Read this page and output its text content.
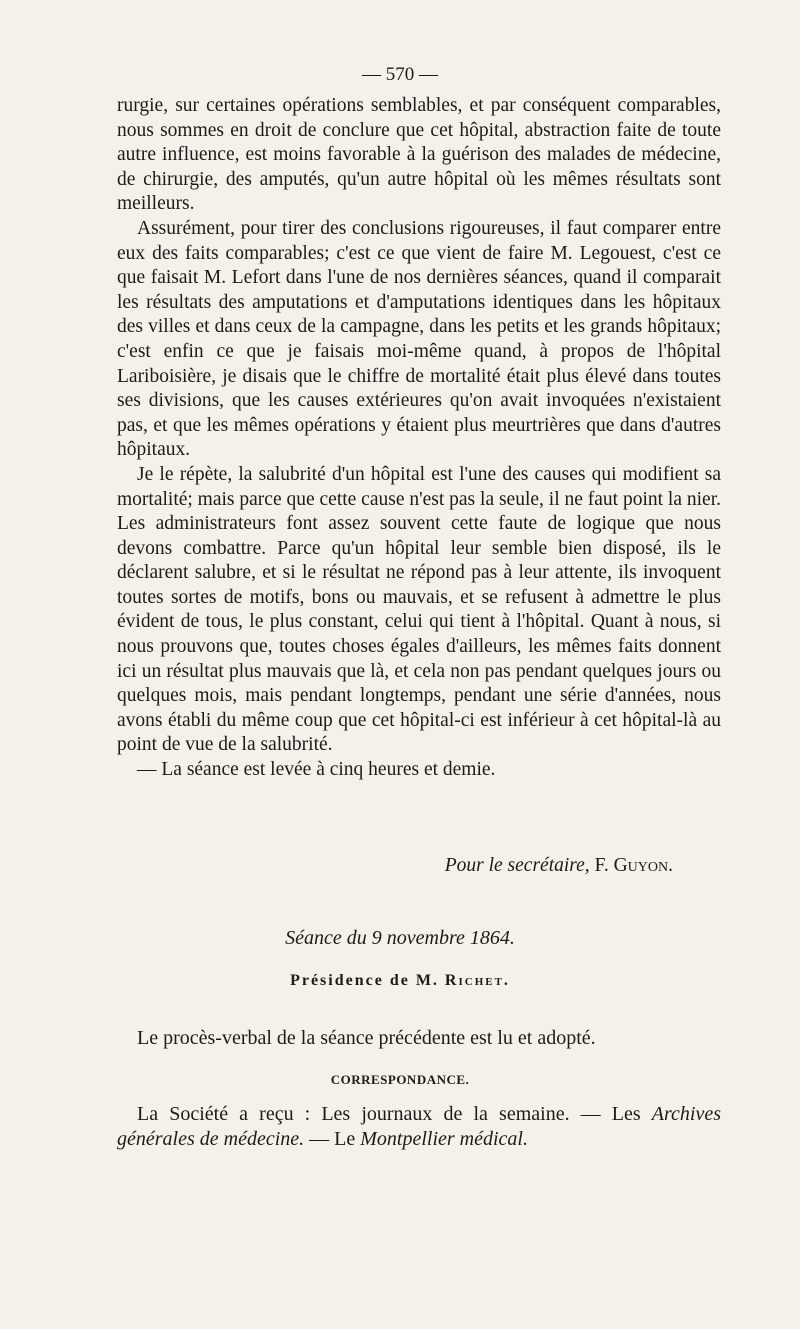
— 570 —

rurgie, sur certaines opérations semblables, et par conséquent comparables, nous sommes en droit de conclure que cet hôpital, abstraction faite de toute autre influence, est moins favorable à la guérison des malades de médecine, de chirurgie, des amputés, qu'un autre hôpital où les mêmes résultats sont meilleurs.

Assurément, pour tirer des conclusions rigoureuses, il faut comparer entre eux des faits comparables; c'est ce que vient de faire M. Legouest, c'est ce que faisait M. Lefort dans l'une de nos dernières séances, quand il comparait les résultats des amputations et d'amputations identiques dans les hôpitaux des villes et dans ceux de la campagne, dans les petits et les grands hôpitaux; c'est enfin ce que je faisais moi-même quand, à propos de l'hôpital Lariboisière, je disais que le chiffre de mortalité était plus élevé dans toutes ses divisions, que les causes extérieures qu'on avait invoquées n'existaient pas, et que les mêmes opérations y étaient plus meurtrières que dans d'autres hôpitaux.

Je le répète, la salubrité d'un hôpital est l'une des causes qui modifient sa mortalité; mais parce que cette cause n'est pas la seule, il ne faut point la nier. Les administrateurs font assez souvent cette faute de logique que nous devons combattre. Parce qu'un hôpital leur semble bien disposé, ils le déclarent salubre, et si le résultat ne répond pas à leur attente, ils invoquent toutes sortes de motifs, bons ou mauvais, et se refusent à admettre le plus évident de tous, le plus constant, celui qui tient à l'hôpital. Quant à nous, si nous prouvons que, toutes choses égales d'ailleurs, les mêmes faits donnent ici un résultat plus mauvais que là, et cela non pas pendant quelques jours ou quelques mois, mais pendant longtemps, pendant une série d'années, nous avons établi du même coup que cet hôpital-ci est inférieur à cet hôpital-là au point de vue de la salubrité.

— La séance est levée à cinq heures et demie.

Pour le secrétaire, F. Guyon.
Séance du 9 novembre 1864.
Présidence de M. Richet.
Le procès-verbal de la séance précédente est lu et adopté.
CORRESPONDANCE.
La Société a reçu : Les journaux de la semaine. — Les Archives générales de médecine. — Le Montpellier médical.
